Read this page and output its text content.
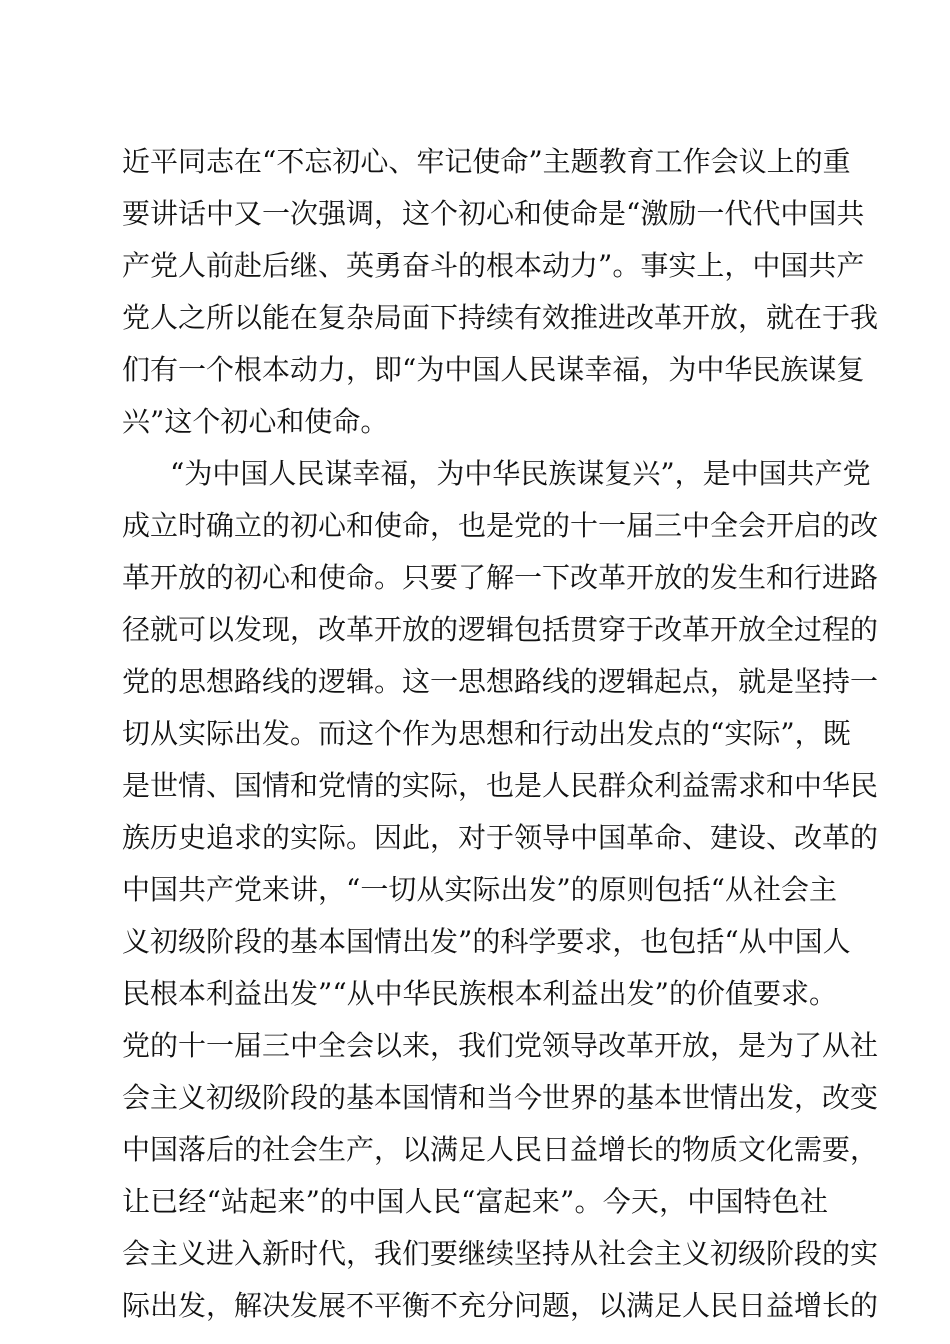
近平同志在“不忘初心、牢记使命”主题教育工作会议上的重
要讲话中又一次强调，这个初心和使命是“激励一代代中国共
产党人前赴后继、英勇奋斗的根本动力”。事实上，中国共产
党人之所以能在复杂局面下持续有效推进改革开放，就在于我
们有一个根本动力，即“为中国人民谋幸福，为中华民族谋复
兴”这个初心和使命。
“为中国人民谋幸福，为中华民族谋复兴”，是中国共产党
成立时确立的初心和使命，也是党的十一届三中全会开启的改
革开放的初心和使命。只要了解一下改革开放的发生和行进路
径就可以发现，改革开放的逻辑包括贯穿于改革开放全过程的
党的思想路线的逻辑。这一思想路线的逻辑起点，就是坚持一
切从实际出发。而这个作为思想和行动出发点的“实际”，既
是世情、国情和党情的实际，也是人民群众利益需求和中华民
族历史追求的实际。因此，对于领导中国革命、建设、改革的
中国共产党来讲，“一切从实际出发”的原则包括“从社会主
义初级阶段的基本国情出发”的科学要求，也包括“从中国人
民根本利益出发”“从中华民族根本利益出发”的价值要求。
党的十一届三中全会以来，我们党领导改革开放，是为了从社
会主义初级阶段的基本国情和当今世界的基本世情出发，改变
中国落后的社会生产，以满足人民日益增长的物质文化需要，
让已经“站起来”的中国人民“富起来”。今天，中国特色社
会主义进入新时代，我们要继续坚持从社会主义初级阶段的实
际出发，解决发展不平衡不充分问题，以满足人民日益增长的
